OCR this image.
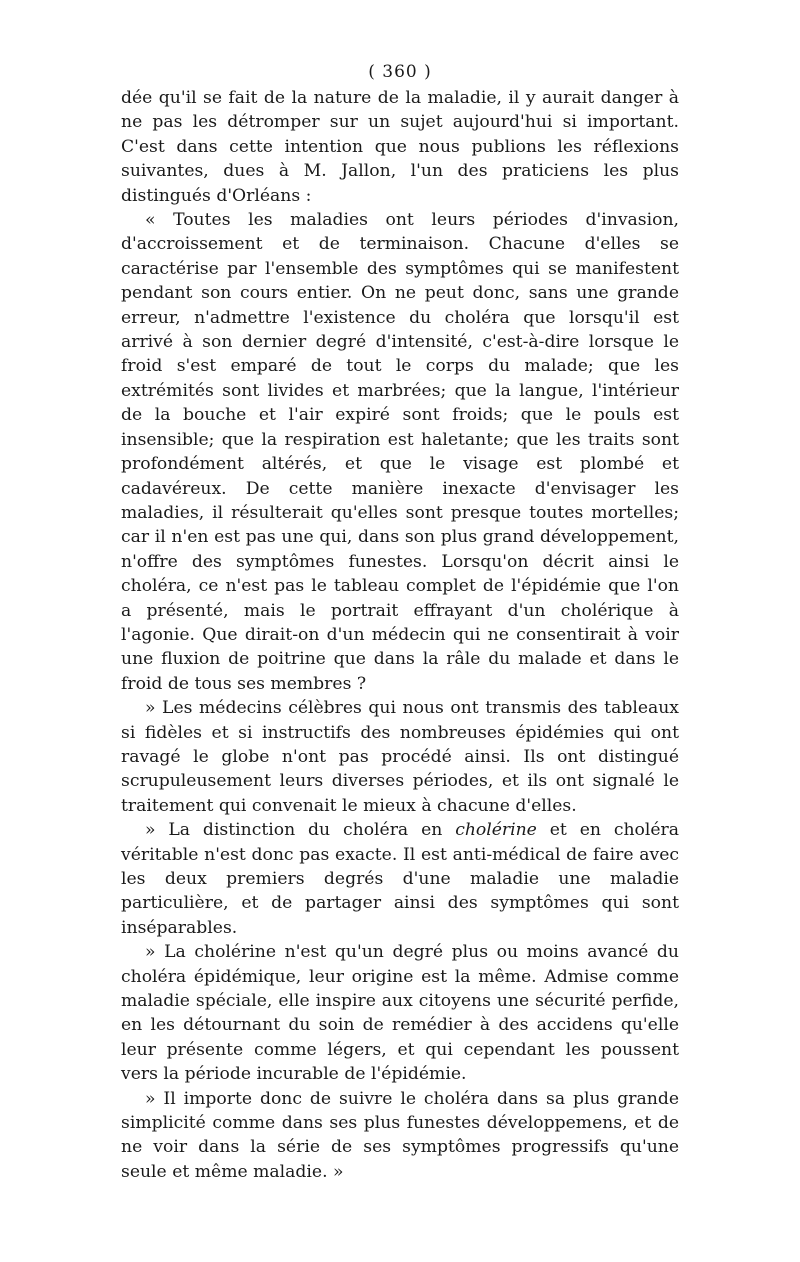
( 360 )

dée qu'il se fait de la nature de la maladie, il y aurait danger à ne pas les détromper sur un sujet aujourd'hui si important. C'est dans cette intention que nous publions les réflexions suivantes, dues à M. Jallon, l'un des praticiens les plus distingués d'Orléans :

« Toutes les maladies ont leurs périodes d'invasion, d'accroissement et de terminaison. Chacune d'elles se caractérise par l'ensemble des symptômes qui se manifestent pendant son cours entier. On ne peut donc, sans une grande erreur, n'admettre l'existence du choléra que lorsqu'il est arrivé à son dernier degré d'intensité, c'est-à-dire lorsque le froid s'est emparé de tout le corps du malade; que les extrémités sont livides et marbrées; que la langue, l'intérieur de la bouche et l'air expiré sont froids; que le pouls est insensible; que la respiration est haletante; que les traits sont profondément altérés, et que le visage est plombé et cadavéreux. De cette manière inexacte d'envisager les maladies, il résulterait qu'elles sont presque toutes mortelles; car il n'en est pas une qui, dans son plus grand développement, n'offre des symptômes funestes. Lorsqu'on décrit ainsi le choléra, ce n'est pas le tableau complet de l'épidémie que l'on a présenté, mais le portrait effrayant d'un cholérique à l'agonie. Que dirait-on d'un médecin qui ne consentirait à voir une fluxion de poitrine que dans la râle du malade et dans le froid de tous ses membres ?

» Les médecins célèbres qui nous ont transmis des tableaux si fidèles et si instructifs des nombreuses épidémies qui ont ravagé le globe n'ont pas procédé ainsi. Ils ont distingué scrupuleusement leurs diverses périodes, et ils ont signalé le traitement qui convenait le mieux à chacune d'elles.

» La distinction du choléra en cholérine et en choléra véritable n'est donc pas exacte. Il est anti-médical de faire avec les deux premiers degrés d'une maladie une maladie particulière, et de partager ainsi des symptômes qui sont inséparables.

» La cholérine n'est qu'un degré plus ou moins avancé du choléra épidémique, leur origine est la même. Admise comme maladie spéciale, elle inspire aux citoyens une sécurité perfide, en les détournant du soin de remédier à des accidens qu'elle leur présente comme légers, et qui cependant les poussent vers la période incurable de l'épidémie.

» Il importe donc de suivre le choléra dans sa plus grande simplicité comme dans ses plus funestes développemens, et de ne voir dans la série de ses symptômes progressifs qu'une seule et même maladie. »
